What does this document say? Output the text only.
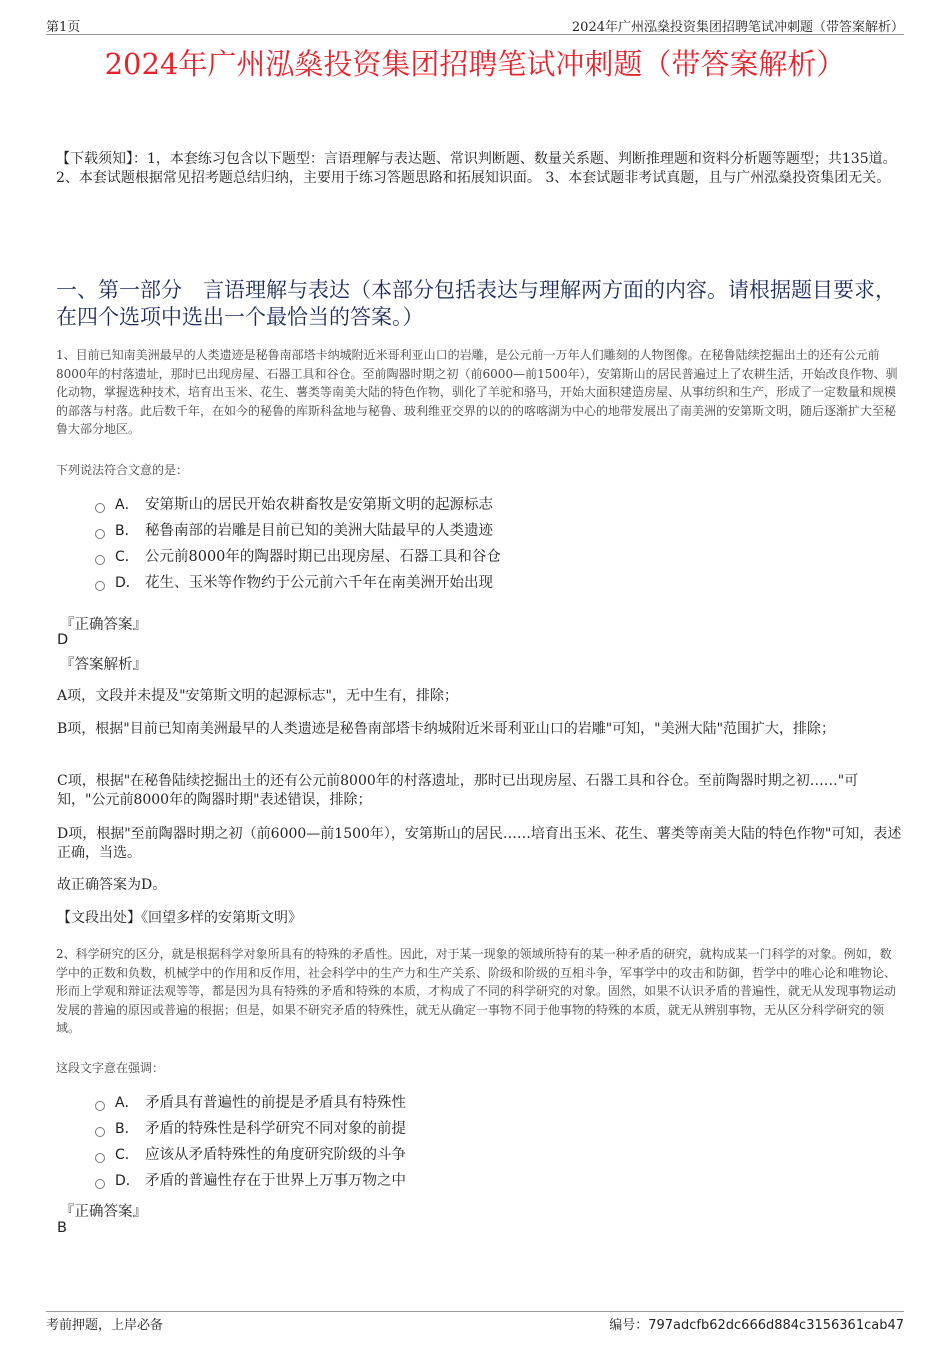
第1页	2024年广州泓燊投资集团招聘笔试冲刺题（带答案解析）
2024年广州泓燊投资集团招聘笔试冲刺题（带答案解析）
【下载须知】：1，本套练习包含以下题型：言语理解与表达题、常识判断题、数量关系题、判断推理题和资料分析题等题型；共135道。 2、本套试题根据常见招考题总结归纳，主要用于练习答题思路和拓展知识面。 3、本套试题非考试真题，且与广州泓燊投资集团无关。
一、第一部分　言语理解与表达（本部分包括表达与理解两方面的内容。请根据题目要求，在四个选项中选出一个最恰当的答案。）
1、目前已知南美洲最早的人类遗迹是秘鲁南部塔卡纳城附近米哥利亚山口的岩雕，是公元前一万年人们雕刻的人物图像。在秘鲁陆续挖掘出土的还有公元前8000年的村落遗址，那时已出现房屋、石器工具和谷仓。至前陶器时期之初（前6000—前1500年），安第斯山的居民普遍过上了农耕生活，开始改良作物、驯化动物，掌握选种技术，培育出玉米、花生、薯类等南美大陆的特色作物，驯化了羊驼和骆马，开始大面积建造房屋、从事纺织和生产，形成了一定数量和规模的部落与村落。此后数千年，在如今的秘鲁的库斯科盆地与秘鲁、玻利维亚交界的以的的喀喀湖为中心的地带发展出了南美洲的安第斯文明，随后逐渐扩大至秘鲁大部分地区。
下列说法符合文意的是：
A． 安第斯山的居民开始农耕畜牧是安第斯文明的起源标志
B． 秘鲁南部的岩雕是目前已知的美洲大陆最早的人类遗迹
C． 公元前8000年的陶器时期已出现房屋、石器工具和谷仓
D． 花生、玉米等作物约于公元前六千年在南美洲开始出现
『正确答案』
D
『答案解析』
A项，文段并未提及"安第斯文明的起源标志"，无中生有，排除；
B项，根据"目前已知南美洲最早的人类遗迹是秘鲁南部塔卡纳城附近米哥利亚山口的岩雕"可知，"美洲大陆"范围扩大，排除；
C项，根据"在秘鲁陆续挖掘出土的还有公元前8000年的村落遗址，那时已出现房屋、石器工具和谷仓。至前陶器时期之初……"可知，"公元前8000年的陶器时期"表述错误，排除；
D项，根据"至前陶器时期之初（前6000—前1500年），安第斯山的居民……培育出玉米、花生、薯类等南美大陆的特色作物"可知，表述正确，当选。
故正确答案为D。
【文段出处】《回望多样的安第斯文明》
2、科学研究的区分，就是根据科学对象所具有的特殊的矛盾性。因此，对于某一现象的领域所特有的某一种矛盾的研究，就构成某一门科学的对象。例如，数学中的正数和负数，机械学中的作用和反作用，社会科学中的生产力和生产关系、阶级和阶级的互相斗争，军事学中的攻击和防御，哲学中的唯心论和唯物论、形而上学观和辩证法观等等，都是因为具有特殊的矛盾和特殊的本质，才构成了不同的科学研究的对象。固然，如果不认识矛盾的普遍性，就无从发现事物运动发展的普遍的原因或普遍的根据；但是，如果不研究矛盾的特殊性，就无从确定一事物不同于他事物的特殊的本质，就无从辨别事物，无从区分科学研究的领域。
这段文字意在强调：
A． 矛盾具有普遍性的前提是矛盾具有特殊性
B． 矛盾的特殊性是科学研究不同对象的前提
C． 应该从矛盾特殊性的角度研究阶级的斗争
D． 矛盾的普遍性存在于世界上万事万物之中
『正确答案』
B
考前押题，上岸必备	编号：797adcfb62dc666d884c3156361cab47
